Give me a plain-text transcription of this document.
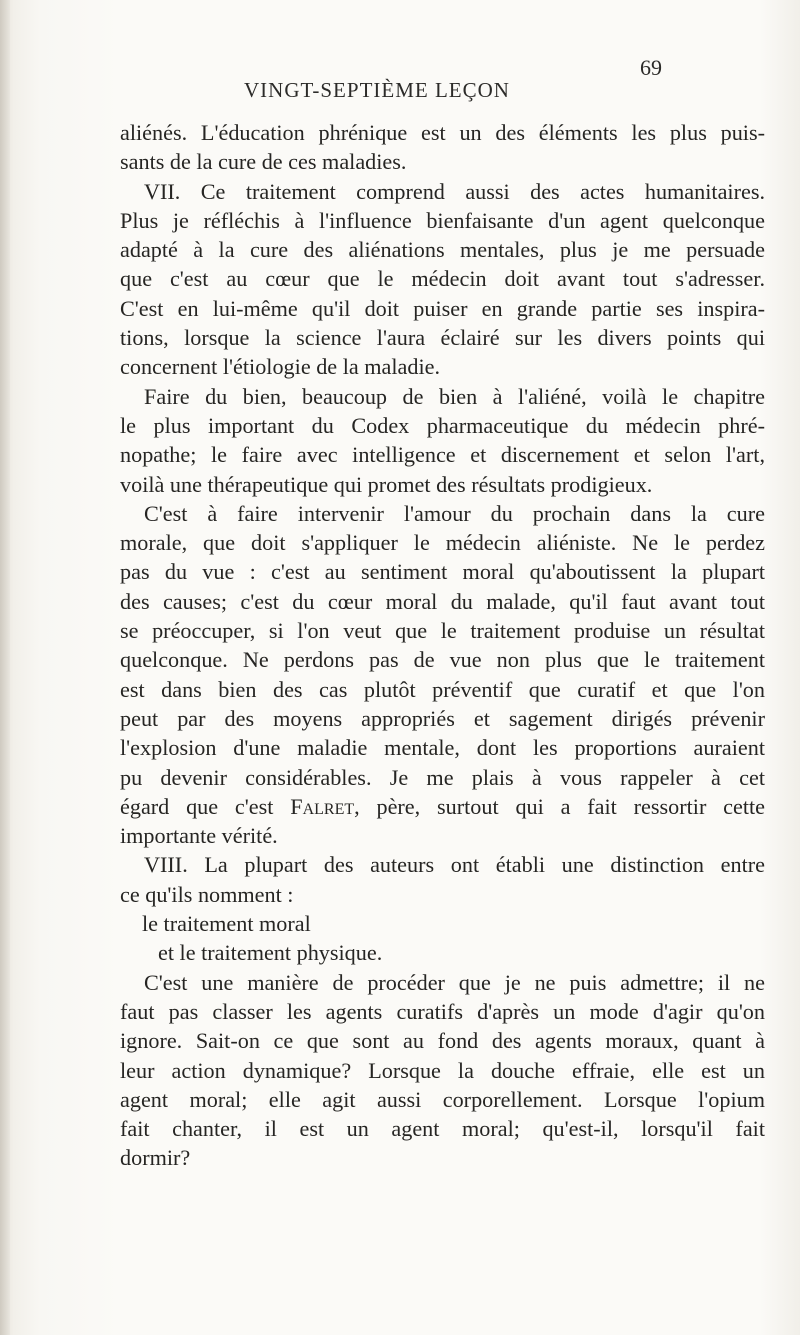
VINGT-SEPTIÈME LEÇON
69
aliénés. L'éducation phrénique est un des éléments les plus puis-
sants de la cure de ces maladies.
VII. Ce traitement comprend aussi des actes humanitaires.
Plus je réfléchis à l'influence bienfaisante d'un agent quelconque
adapté à la cure des aliénations mentales, plus je me persuade
que c'est au cœur que le médecin doit avant tout s'adresser.
C'est en lui-même qu'il doit puiser en grande partie ses inspira-
tions, lorsque la science l'aura éclairé sur les divers points qui
concernent l'étiologie de la maladie.
Faire du bien, beaucoup de bien à l'aliéné, voilà le chapitre
le plus important du Codex pharmaceutique du médecin phré-
nopathe; le faire avec intelligence et discernement et selon l'art,
voilà une thérapeutique qui promet des résultats prodigieux.
C'est à faire intervenir l'amour du prochain dans la cure
morale, que doit s'appliquer le médecin aliéniste. Ne le perdez
pas du vue : c'est au sentiment moral qu'aboutissent la plupart
des causes; c'est du cœur moral du malade, qu'il faut avant tout
se préoccuper, si l'on veut que le traitement produise un résultat
quelconque. Ne perdons pas de vue non plus que le traitement
est dans bien des cas plutôt préventif que curatif et que l'on
peut par des moyens appropriés et sagement dirigés prévenir
l'explosion d'une maladie mentale, dont les proportions auraient
pu devenir considérables. Je me plais à vous rappeler à cet
égard que c'est Falret, père, surtout qui a fait ressortir cette
importante vérité.
VIII. La plupart des auteurs ont établi une distinction entre
ce qu'ils nomment :
le traitement moral
et le traitement physique.
C'est une manière de procéder que je ne puis admettre; il ne
faut pas classer les agents curatifs d'après un mode d'agir qu'on
ignore. Sait-on ce que sont au fond des agents moraux, quant à
leur action dynamique? Lorsque la douche effraie, elle est un
agent moral; elle agit aussi corporellement. Lorsque l'opium
fait chanter, il est un agent moral; qu'est-il, lorsqu'il fait
dormir?
